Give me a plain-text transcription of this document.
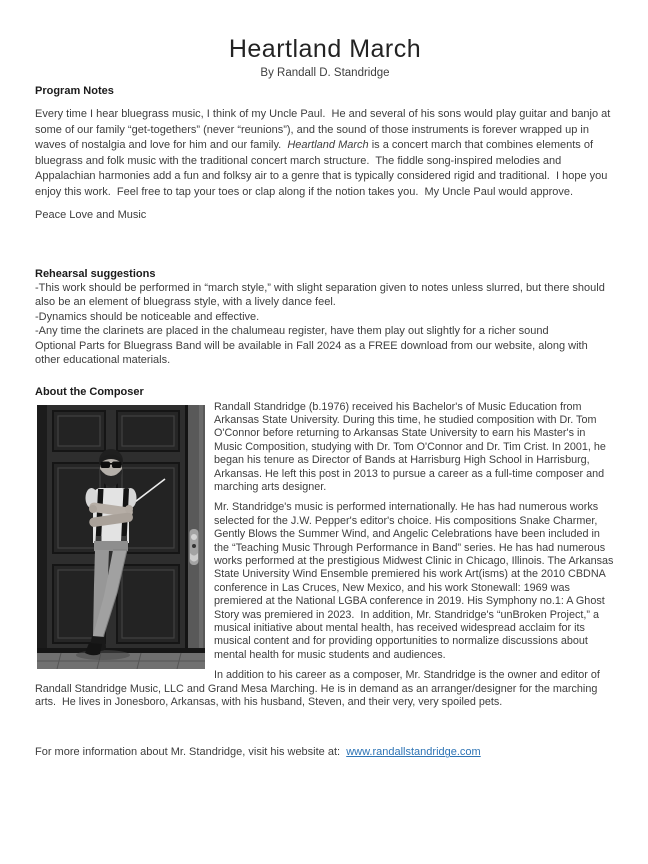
Heartland March
By Randall D. Standridge
Program Notes

Every time I hear bluegrass music, I think of my Uncle Paul.  He and several of his sons would play guitar and banjo at some of our family “get-togethers” (never “reunions”), and the sound of those instruments is forever wrapped up in waves of nostalgia and love for him and our family.  Heartland March is a concert march that combines elements of bluegrass and folk music with the traditional concert march structure.  The fiddle song-inspired melodies and Appalachian harmonies add a fun and folksy air to a genre that is typically considered rigid and traditional.  I hope you enjoy this work.  Feel free to tap your toes or clap along if the notion takes you.  My Uncle Paul would approve.

Peace Love and Music

Rehearsal suggestions

-This work should be performed in “march style,” with slight separation given to notes unless slurred, but there should also be an element of bluegrass style, with a lively dance feel.

-Dynamics should be noticeable and effective.

-Any time the clarinets are placed in the chalumeau register, have them play out slightly for a richer sound

Optional Parts for Bluegrass Band will be available in Fall 2024 as a FREE download from our website, along with other educational materials.

About the Composer

Randall Standridge (b.1976) received his Bachelor's of Music Education from Arkansas State University. During this time, he studied composition with Dr. Tom O'Connor before returning to Arkansas State University to earn his Master's in Music Composition, studying with Dr. Tom O'Connor and Dr. Tim Crist. In 2001, he began his tenure as Director of Bands at Harrisburg High School in Harrisburg, Arkansas. He left this post in 2013 to pursue a career as a full-time composer and marching arts designer.

Mr. Standridge's music is performed internationally. He has had numerous works selected for the J.W. Pepper's editor's choice. His compositions Snake Charmer, Gently Blows the Summer Wind, and Angelic Celebrations have been included in the “Teaching Music Through Performance in Band” series. He has had numerous works performed at the prestigious Midwest Clinic in Chicago, Illinois. The Arkansas State University Wind Ensemble premiered his work Art(isms) at the 2010 CBDNA conference in Las Cruces, New Mexico, and his work Stonewall: 1969 was premiered at the National LGBA conference in 2019. His Symphony no.1: A Ghost Story was premiered in 2023.  In addition, Mr. Standridge's “unBroken Project,” a musical initiative about mental health, has received widespread acclaim for its musical content and for providing opportunities to normalize discussions about mental health for music students and audiences.

In addition to his career as a composer, Mr. Standridge is the owner and editor of Randall Standridge Music, LLC and Grand Mesa Marching. He is in demand as an arranger/designer for the marching arts.  He lives in Jonesboro, Arkansas, with his husband, Steven, and their very, very spoiled pets.

For more information about Mr. Standridge, visit his website at:  www.randallstandridge.com
